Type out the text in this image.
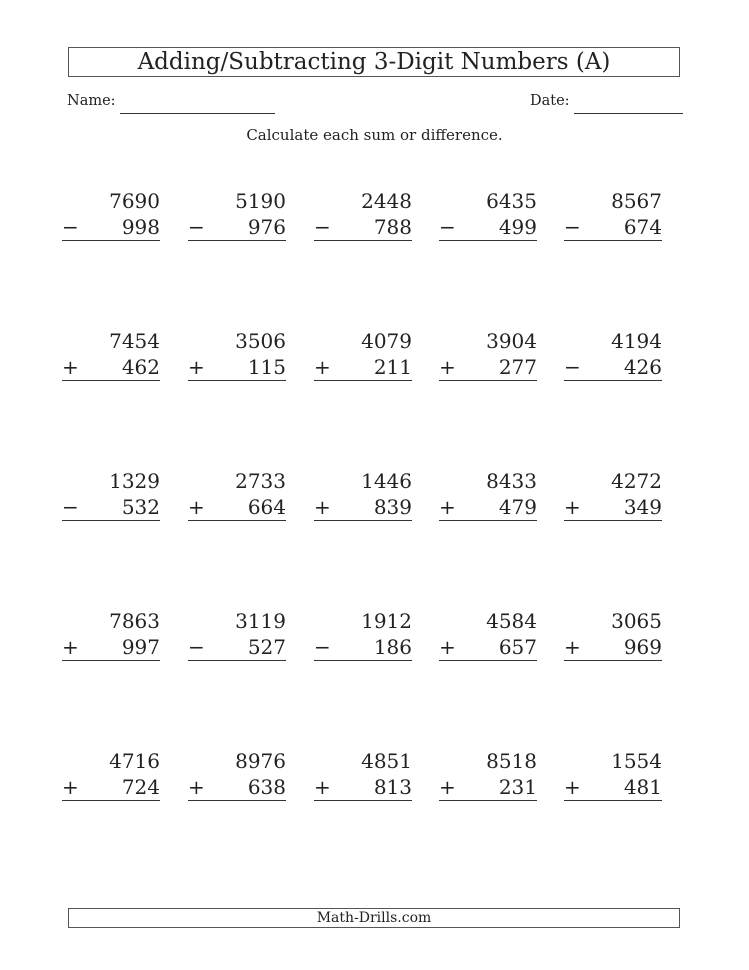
Adding/Subtracting 3-Digit Numbers (A)
Name:	Date:
Calculate each sum or difference.
7690
− 998
5190
− 976
2448
− 788
6435
− 499
8567
− 674
7454
+ 462
3506
+ 115
4079
+ 211
3904
+ 277
4194
− 426
1329
− 532
2733
+ 664
1446
+ 839
8433
+ 479
4272
+ 349
7863
+ 997
3119
− 527
1912
− 186
4584
+ 657
3065
+ 969
4716
+ 724
8976
+ 638
4851
+ 813
8518
+ 231
1554
+ 481
Math-Drills.com
